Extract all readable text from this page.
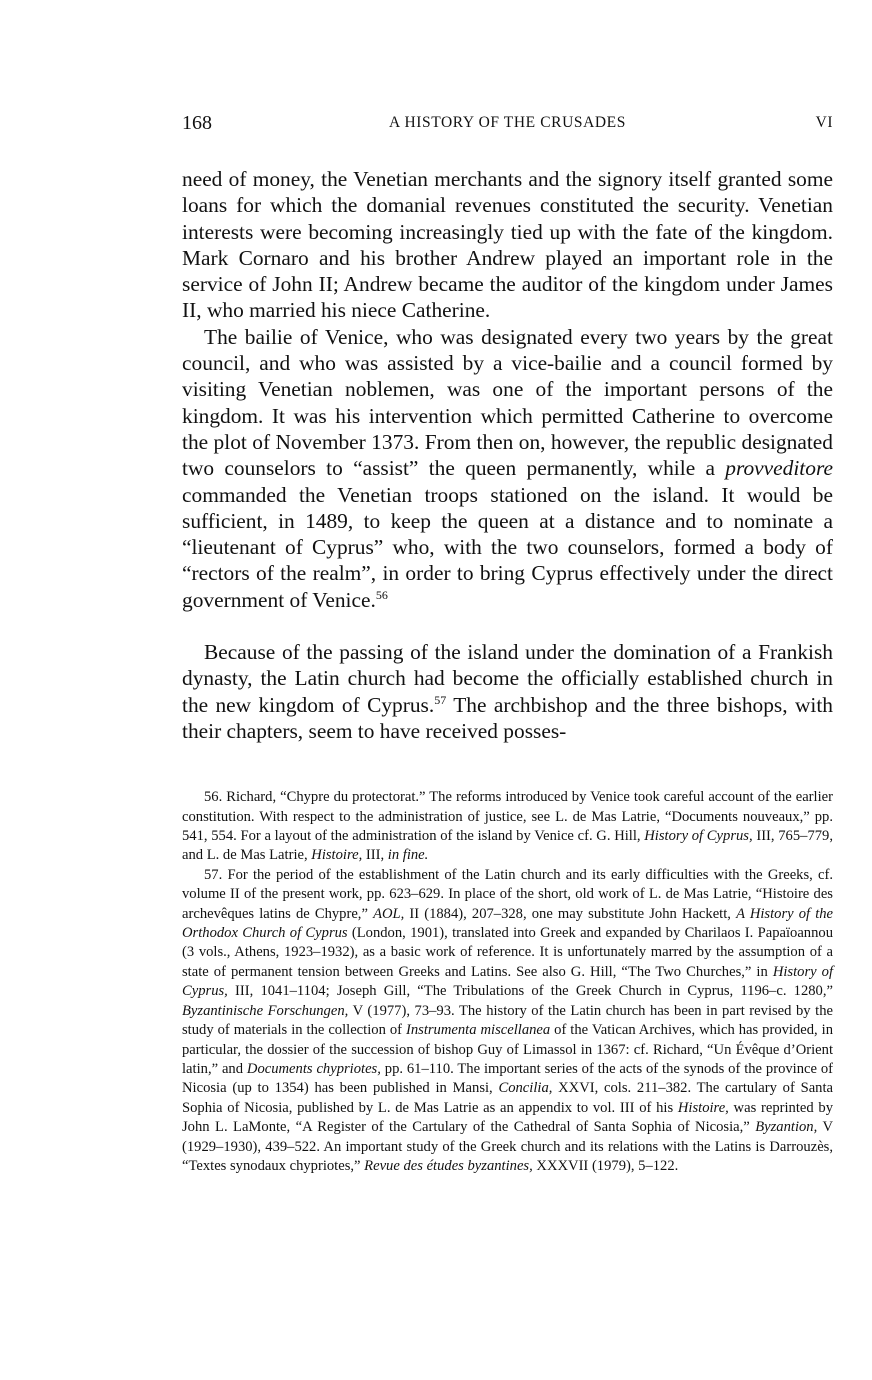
168	A HISTORY OF THE CRUSADES	VI

need of money, the Venetian merchants and the signory itself granted some loans for which the domanial revenues constituted the security. Venetian interests were becoming increasingly tied up with the fate of the kingdom. Mark Cornaro and his brother Andrew played an important role in the service of John II; Andrew became the auditor of the kingdom under James II, who married his niece Catherine.

The bailie of Venice, who was designated every two years by the great council, and who was assisted by a vice-bailie and a council formed by visiting Venetian noblemen, was one of the important persons of the kingdom. It was his intervention which permitted Catherine to overcome the plot of November 1373. From then on, however, the republic designated two counselors to “assist” the queen permanently, while a provveditore commanded the Venetian troops stationed on the island. It would be sufficient, in 1489, to keep the queen at a distance and to nominate a “lieutenant of Cyprus” who, with the two counselors, formed a body of “rectors of the realm”, in order to bring Cyprus effectively under the direct government of Venice.$^{56}$

Because of the passing of the island under the domination of a Frankish dynasty, the Latin church had become the officially established church in the new kingdom of Cyprus.$^{57}$ The archbishop and the three bishops, with their chapters, seem to have received posses-

56. Richard, “Chypre du protectorat.” The reforms introduced by Venice took careful account of the earlier constitution. With respect to the administration of justice, see L. de Mas Latrie, “Documents nouveaux,” pp. 541, 554. For a layout of the administration of the island by Venice cf. G. Hill, History of Cyprus, III, 765–779, and L. de Mas Latrie, Histoire, III, in fine.

57. For the period of the establishment of the Latin church and its early difficulties with the Greeks, cf. volume II of the present work, pp. 623–629. In place of the short, old work of L. de Mas Latrie, “Histoire des archevêques latins de Chypre,” AOL, II (1884), 207–328, one may substitute John Hackett, A History of the Orthodox Church of Cyprus (London, 1901), translated into Greek and expanded by Charilaos I. Papaïoannou (3 vols., Athens, 1923–1932), as a basic work of reference. It is unfortunately marred by the assumption of a state of permanent tension between Greeks and Latins. See also G. Hill, “The Two Churches,” in History of Cyprus, III, 1041–1104; Joseph Gill, “The Tribulations of the Greek Church in Cyprus, 1196–c. 1280,” Byzantinische Forschungen, V (1977), 73–93. The history of the Latin church has been in part revised by the study of materials in the collection of Instrumenta miscellanea of the Vatican Archives, which has provided, in particular, the dossier of the succession of bishop Guy of Limassol in 1367: cf. Richard, “Un Évêque d’Orient latin,” and Documents chypriotes, pp. 61–110. The important series of the acts of the synods of the province of Nicosia (up to 1354) has been published in Mansi, Concilia, XXVI, cols. 211–382. The cartulary of Santa Sophia of Nicosia, published by L. de Mas Latrie as an appendix to vol. III of his Histoire, was reprinted by John L. LaMonte, “A Register of the Cartulary of the Cathedral of Santa Sophia of Nicosia,” Byzantion, V (1929–1930), 439–522. An important study of the Greek church and its relations with the Latins is Darrouzès, “Textes synodaux chypriotes,” Revue des études byzantines, XXXVII (1979), 5–122.
